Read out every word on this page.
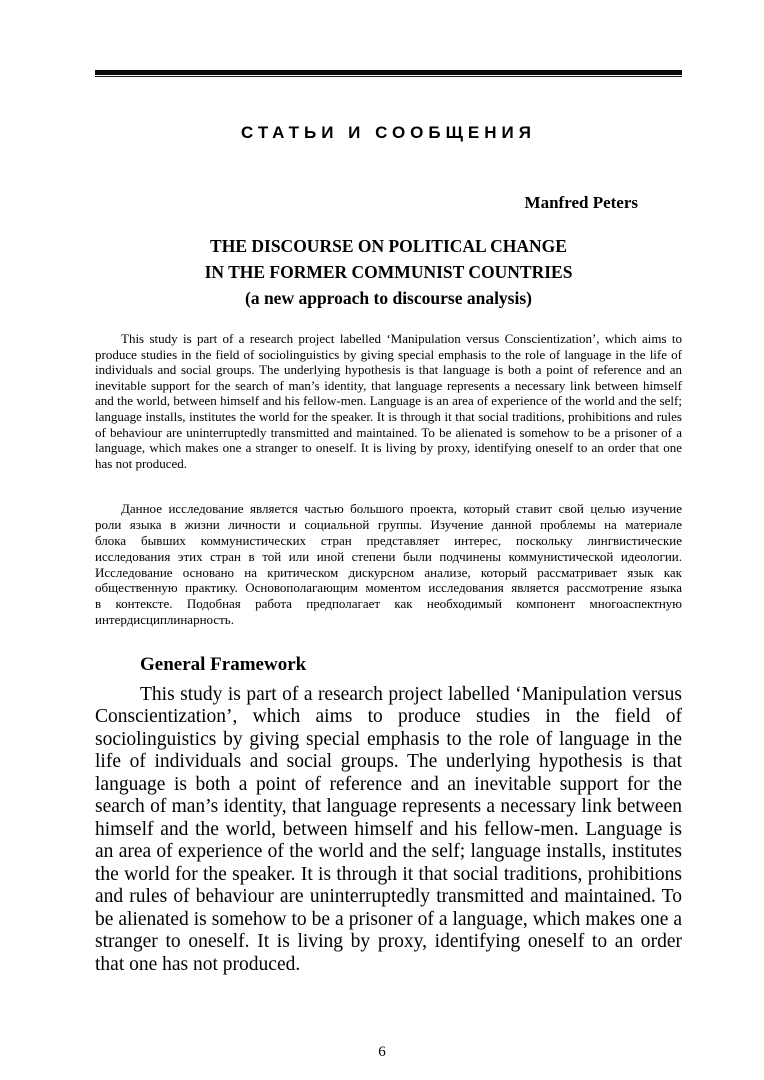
СТАТЬИ И СООБЩЕНИЯ
Manfred Peters
THE DISCOURSE ON POLITICAL CHANGE
IN THE FORMER COMMUNIST COUNTRIES
(a new approach to discourse analysis)

This study is part of a research project labelled ‘Manipulation versus Conscientization’, which aims to produce studies in the field of sociolinguistics by giving special emphasis to the role of language in the life of individuals and social groups. The underlying hypothesis is that language is both a point of reference and an inevitable support for the search of man’s identity, that language represents a necessary link between himself and the world, between himself and his fellow-men. Language is an area of experience of the world and the self; language installs, institutes the world for the speaker. It is through it that social traditions, prohibitions and rules of behaviour are uninterruptedly transmitted and maintained. To be alienated is somehow to be a prisoner of a language, which makes one a stranger to oneself. It is living by proxy, identifying oneself to an order that one has not produced.

Данное исследование является частью большого проекта, который ставит свой целью изучение роли языка в жизни личности и социальной группы. Изучение данной проблемы на материале блока бывших коммунистических стран представляет интерес, поскольку лингвистические исследования этих стран в той или иной степени были подчинены коммунистической идеологии. Исследование основано на критическом дискурсном анализе, который рассматривает язык как общественную практику. Основополагающим моментом исследования является рассмотрение языка в контексте. Подобная работа предполагает как необходимый компонент многоаспектную интердисциплинарность.

General Framework

This study is part of a research project labelled ‘Manipulation versus Conscientization’, which aims to produce studies in the field of sociolinguistics by giving special emphasis to the role of language in the life of individuals and social groups. The underlying hypothesis is that language is both a point of reference and an inevitable support for the search of man’s identity, that language represents a necessary link between himself and the world, between himself and his fellow-men. Language is an area of experience of the world and the self; language installs, institutes the world for the speaker. It is through it that social traditions, prohibitions and rules of behaviour are uninterruptedly transmitted and maintained. To be alienated is somehow to be a prisoner of a language, which makes one a stranger to oneself. It is living by proxy, identifying oneself to an order that one has not produced.

6
